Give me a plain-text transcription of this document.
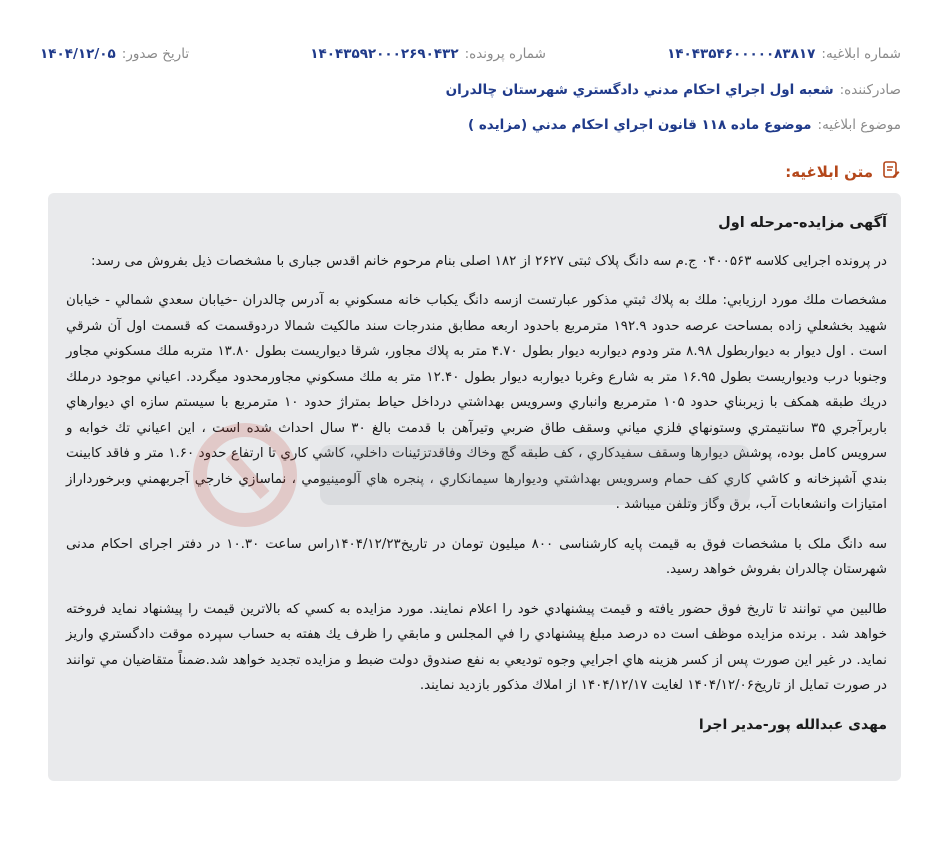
شماره ابلاغیه:
۱۴۰۴۳۵۴۶۰۰۰۰۰۸۳۸۱۷
شماره پرونده:
۱۴۰۴۳۵۹۲۰۰۰۲۶۹۰۴۳۲
تاریخ صدور:
۱۴۰۴/۱۲/۰۵
صادرکننده:
شعبه اول اجراي احكام مدني دادگستري شهرستان چالدران
موضوع ابلاغیه:
موضوع ماده ۱۱۸ قانون اجراي احكام مدني (مزايده )
متن ابلاغیه:

آگهی مزایده-مرحله اول

در پرونده اجرایی کلاسه ۰۴۰۰۵۶۳ ج.م سه دانگ پلاک ثبتی ۲۶۲۷ از ۱۸۲ اصلی بنام مرحوم خانم اقدس جباری با مشخصات ذیل بفروش می رسد:

مشخصات ملك مورد ارزيابي: ملك به پلاك ثبتي مذكور عبارتست ازسه دانگ يكباب خانه مسكوني به آدرس چالدران -خيابان سعدي شمالي - خيابان شهيد بخشعلي زاده بمساحت عرصه حدود ۱۹۲.۹ مترمربع باحدود اربعه مطابق مندرجات سند مالكيت شمالا دردوقسمت كه قسمت اول آن شرقي است . اول ديوار به ديواربطول ۸.۹۸ متر ودوم ديواربه ديوار بطول ۴.۷۰ متر به پلاك مجاور، شرقا ديواريست بطول ۱۳.۸۰ متربه ملك مسكوني مجاور وجنوبا درب وديواريست بطول ۱۶.۹۵ متر به شارع وغربا ديواربه ديوار بطول ۱۲.۴۰ متر به ملك مسكوني مجاورمحدود ميگردد. اعياني موجود درملك دريك طبقه همكف با زيربناي حدود ۱۰۵ مترمربع وانباري وسرويس بهداشتي درداخل حياط بمتراژ حدود ۱۰ مترمربع با سيستم سازه اي ديوارهاي باربرآجري ۳۵ سانتيمتري وستونهاي فلزي مياني وسقف طاق ضربي وتيرآهن با قدمت بالغ ۳۰ سال احداث شده است ، اين اعياني تك خوابه و سرويس كامل بوده، پوشش ديوارها وسقف سفيدكاري ، كف طبقه گچ وخاك وفاقدتزئينات داخلي، كاشي كاري تا ارتفاع حدود ۱.۶۰ متر و فاقد كابينت بندي آشپزخانه و كاشي كاري كف حمام وسرويس بهداشتي وديوارها سيمانكاري ، پنجره هاي آلومينيومي ، نماسازي خارجي آجربهمني وبرخورداراز امتيازات وانشعابات آب، برق وگاز وتلفن ميباشد .

سه دانگ ملک با مشخصات فوق به قیمت پایه کارشناسی ۸۰۰ میلیون تومان در تاریخ۱۴۰۴/۱۲/۲۳راس ساعت ۱۰.۳۰ در دفتر اجرای احکام مدنی شهرستان چالدران بفروش خواهد رسید.

طالبين مي توانند تا تاريخ فوق حضور يافته و قيمت پيشنهادي خود را اعلام نمايند. مورد مزايده به كسي كه بالاترين قيمت را پيشنهاد نمايد فروخته خواهد شد . برنده مزايده موظف است ده درصد مبلغ پيشنهادي را في المجلس و مابقي را ظرف يك هفته به حساب سپرده موقت دادگستري واريز نمايد. در غير اين صورت پس از كسر هزينه هاي اجرايي وجوه توديعي به نفع صندوق دولت ضبط و مزايده تجديد خواهد شد.ضمناً متقاضيان مي توانند در صورت تمايل از تاريخ۱۴۰۴/۱۲/۰۶ لغايت ۱۴۰۴/۱۲/۱۷ از املاك مذكور بازديد نمايند.

مهدی عبدالله پور-مدیر اجرا
